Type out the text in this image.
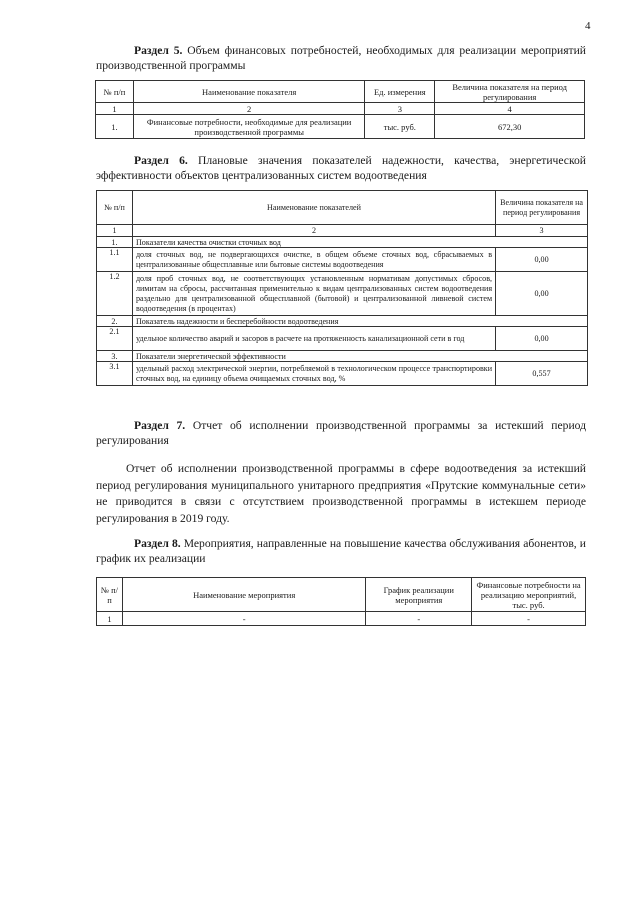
4
Раздел 5. Объем финансовых потребностей, необходимых для реализации мероприятий производственной программы
№ п/п	Наименование показателя	Ед. измерения	Величина показателя на период регулирования
1	2	3	4
1.	Финансовые потребности, необходимые для реализации производственной программы	тыс. руб.	672,30
Раздел 6. Плановые значения показателей надежности, качества, энергетической эффективности объектов централизованных систем водоотведения
№ п/п	Наименование показателей	Величина показателя на период регулирования
1	2	3
1.	Показатели качества очистки сточных вод	
1.1	доля сточных вод, не подвергающихся очистке, в общем объеме сточных вод, сбрасываемых в централизованные общесплавные или бытовые системы водоотведения	0,00
1.2	доля проб сточных вод, не соответствующих установленным нормативам допустимых сбросов, лимитам на сбросы, рассчитанная применительно к видам централизованных систем водоотведения раздельно для централизованной общесплавной (бытовой) и централизованной ливневой систем водоотведения (в процентах)	0,00
2.	Показатель надежности и бесперебойности водоотведения	
2.1	удельное количество аварий и засоров в расчете на протяженность канализационной сети в год	0,00
3.	Показатели энергетической эффективности	
3.1	удельный расход электрической энергии, потребляемой в технологическом процессе транспортировки сточных вод, на единицу объема очищаемых сточных вод, %	0,557
Раздел 7. Отчет об исполнении производственной программы за истекший период регулирования
Отчет об исполнении производственной программы в сфере водоотведения за истекший период регулирования муниципального унитарного предприятия «Прутские коммунальные сети» не приводится в связи с отсутствием производственной программы в истекшем периоде регулирования в 2019 году.
Раздел 8. Мероприятия, направленные на повышение качества обслуживания абонентов, и график их реализации
№ п/п	Наименование мероприятия	График реализации мероприятия	Финансовые потребности на реализацию мероприятий, тыс. руб.
1	-	-	-
